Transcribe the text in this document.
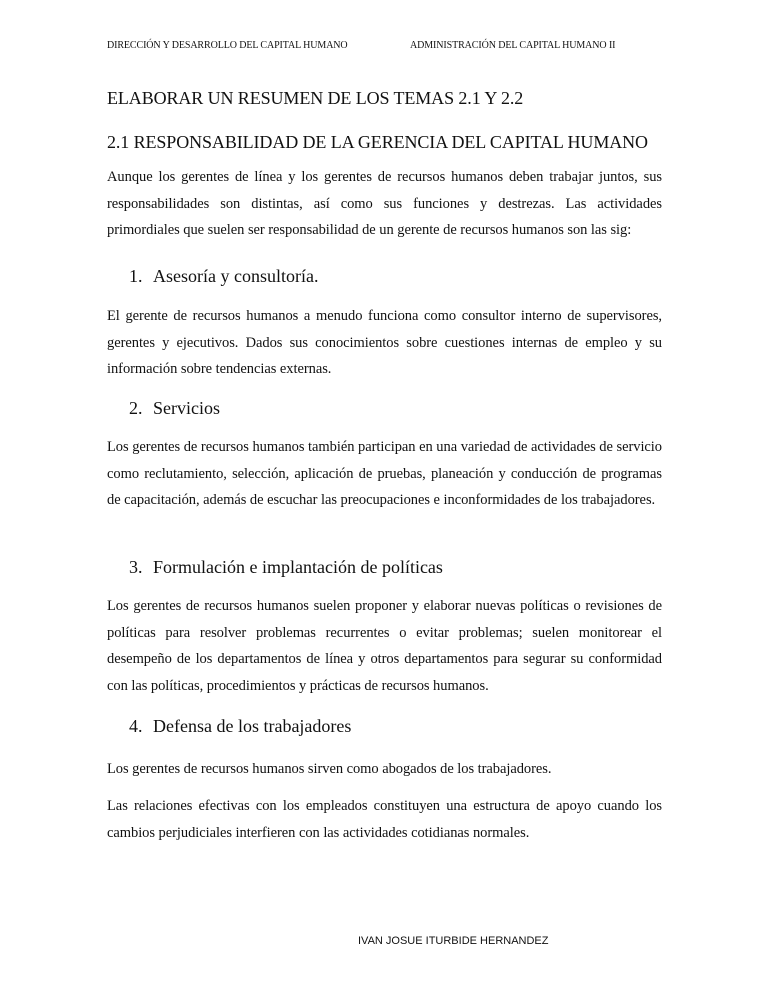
DIRECCIÓN Y DESARROLLO DEL CAPITAL HUMANO	ADMINISTRACIÓN DEL CAPITAL HUMANO II
ELABORAR UN RESUMEN DE LOS TEMAS 2.1 Y 2.2
2.1 RESPONSABILIDAD DE LA GERENCIA DEL CAPITAL HUMANO

Aunque los gerentes de línea y los gerentes de recursos humanos deben trabajar juntos, sus responsabilidades son distintas, así como sus funciones y destrezas. Las actividades primordiales que suelen ser responsabilidad de un gerente de recursos humanos son las sig:

1. Asesoría y consultoría.

El gerente de recursos humanos a menudo funciona como consultor interno de supervisores, gerentes y ejecutivos. Dados sus conocimientos sobre cuestiones internas de empleo y su información sobre tendencias externas.

2. Servicios

Los gerentes de recursos humanos también participan en una variedad de actividades de servicio como reclutamiento, selección, aplicación de pruebas, planeación y conducción de programas de capacitación, además de escuchar las preocupaciones e inconformidades de los trabajadores.

3. Formulación e implantación de políticas

Los gerentes de recursos humanos suelen proponer y elaborar nuevas políticas o revisiones de políticas para resolver problemas recurrentes o evitar problemas; suelen monitorear el desempeño de los departamentos de línea y otros departamentos para segurar su conformidad con las políticas, procedimientos y prácticas de recursos humanos.

4. Defensa de los trabajadores

Los gerentes de recursos humanos sirven como abogados de los trabajadores.

Las relaciones efectivas con los empleados constituyen una estructura de apoyo cuando los cambios perjudiciales interfieren con las actividades cotidianas normales.

IVAN JOSUE ITURBIDE HERNANDEZ
